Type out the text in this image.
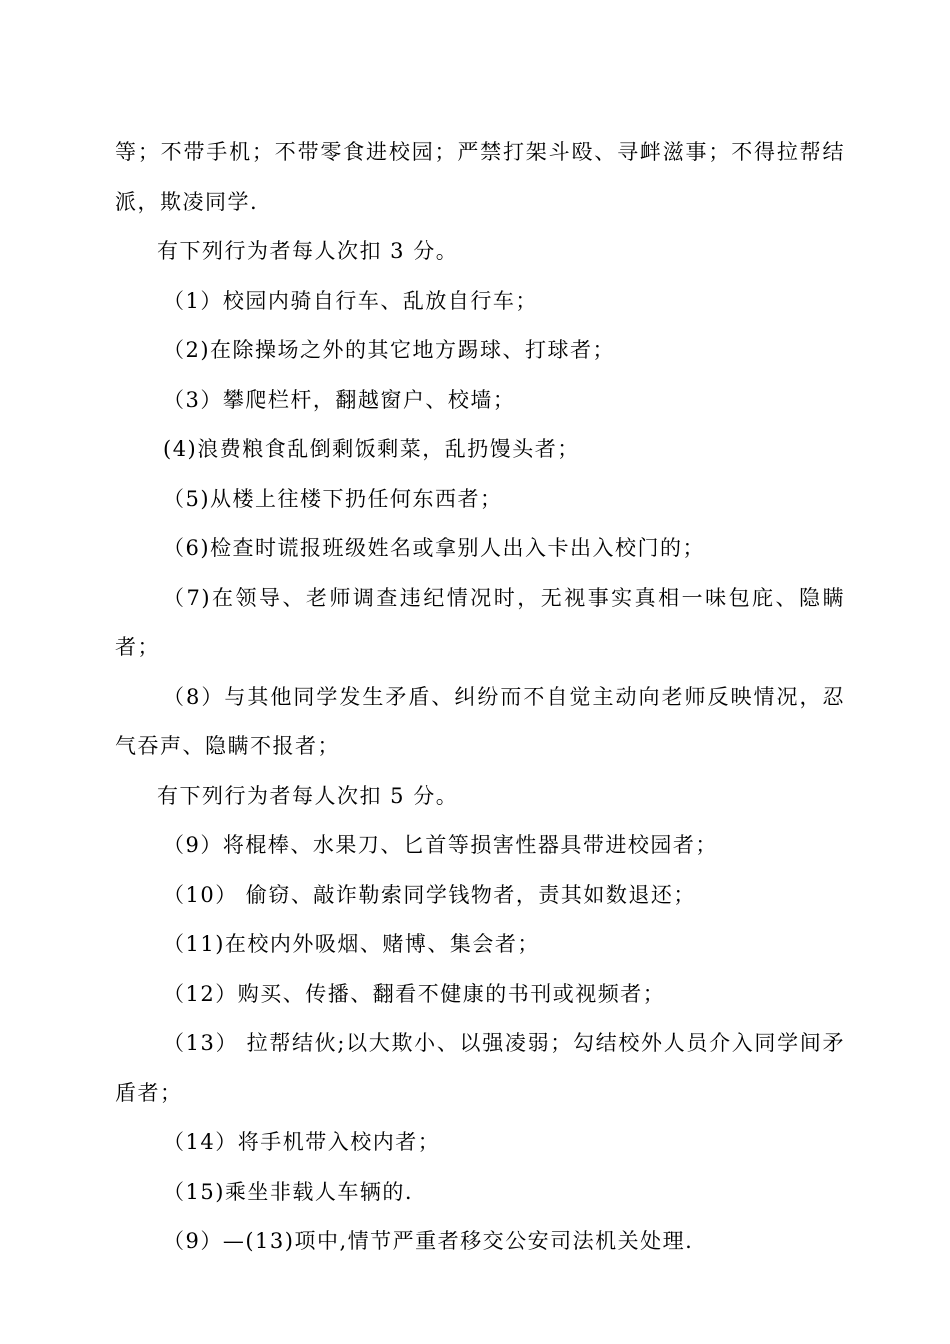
等；不带手机；不带零食进校园；严禁打架斗殴、寻衅滋事；不得拉帮结派，欺凌同学.

有下列行为者每人次扣 3 分。

（1）校园内骑自行车、乱放自行车；

（2)在除操场之外的其它地方踢球、打球者；

（3）攀爬栏杆，翻越窗户、校墙；

(4)浪费粮食乱倒剩饭剩菜，乱扔馒头者；

（5)从楼上往楼下扔任何东西者；

（6)检查时谎报班级姓名或拿别人出入卡出入校门的；

（7)在领导、老师调查违纪情况时，无视事实真相一味包庇、隐瞒者；

（8）与其他同学发生矛盾、纠纷而不自觉主动向老师反映情况，忍气吞声、隐瞒不报者；

有下列行为者每人次扣 5 分。

（9）将棍棒、水果刀、匕首等损害性器具带进校园者；

（10） 偷窃、敲诈勒索同学钱物者，责其如数退还；

（11)在校内外吸烟、赌博、集会者；

（12）购买、传播、翻看不健康的书刊或视频者；

（13） 拉帮结伙;以大欺小、以强凌弱；勾结校外人员介入同学间矛盾者；

（14）将手机带入校内者；

（15)乘坐非载人车辆的.

（9）—(13)项中,情节严重者移交公安司法机关处理.
